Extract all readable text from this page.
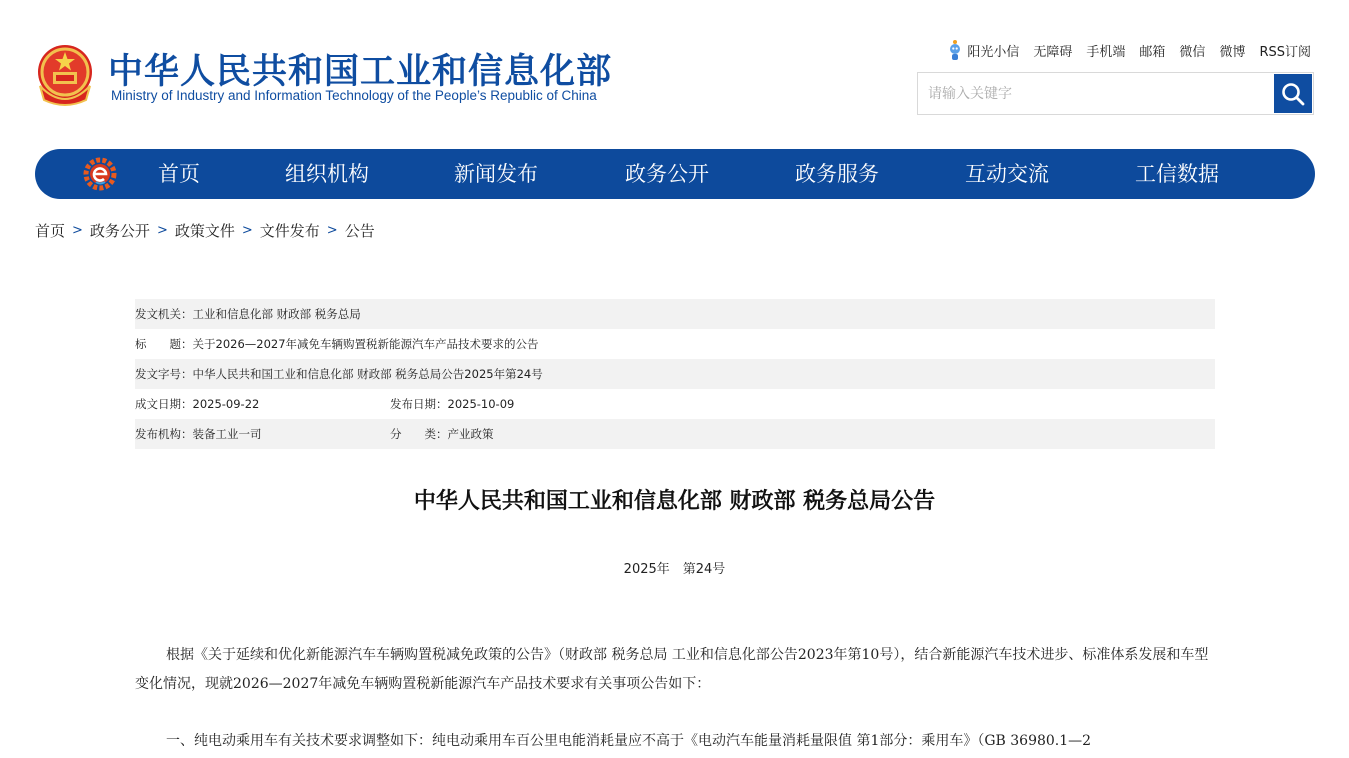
中华人民共和国工业和信息化部
Ministry of Industry and Information Technology of the People’s Republic of China
阳光小信 无障碍 手机端 邮箱 微信 微博 RSS订阅
请输入关键字
首页	组织机构	新闻发布	政务公开	政务服务	互动交流	工信数据
首页 > 政务公开 > 政策文件 > 文件发布 > 公告
发文机关：工业和信息化部 财政部 税务总局
标　　题：关于2026—2027年减免车辆购置税新能源汽车产品技术要求的公告
发文字号：中华人民共和国工业和信息化部 财政部 税务总局公告2025年第24号
成文日期：2025-09-22	发布日期：2025-10-09
发布机构：装备工业一司	分　　类：产业政策
中华人民共和国工业和信息化部 财政部 税务总局公告
2025年　第24号
根据《关于延续和优化新能源汽车车辆购置税减免政策的公告》（财政部 税务总局 工业和信息化部公告2023年第10号），结合新能源汽车技术进步、标准体系发展和车型变化情况，现就2026—2027年减免车辆购置税新能源汽车产品技术要求有关事项公告如下：
一、纯电动乘用车有关技术要求调整如下：纯电动乘用车百公里电能消耗量应不高于《电动汽车能量消耗量限值 第1部分：乘用车》（GB 36980.1—2
